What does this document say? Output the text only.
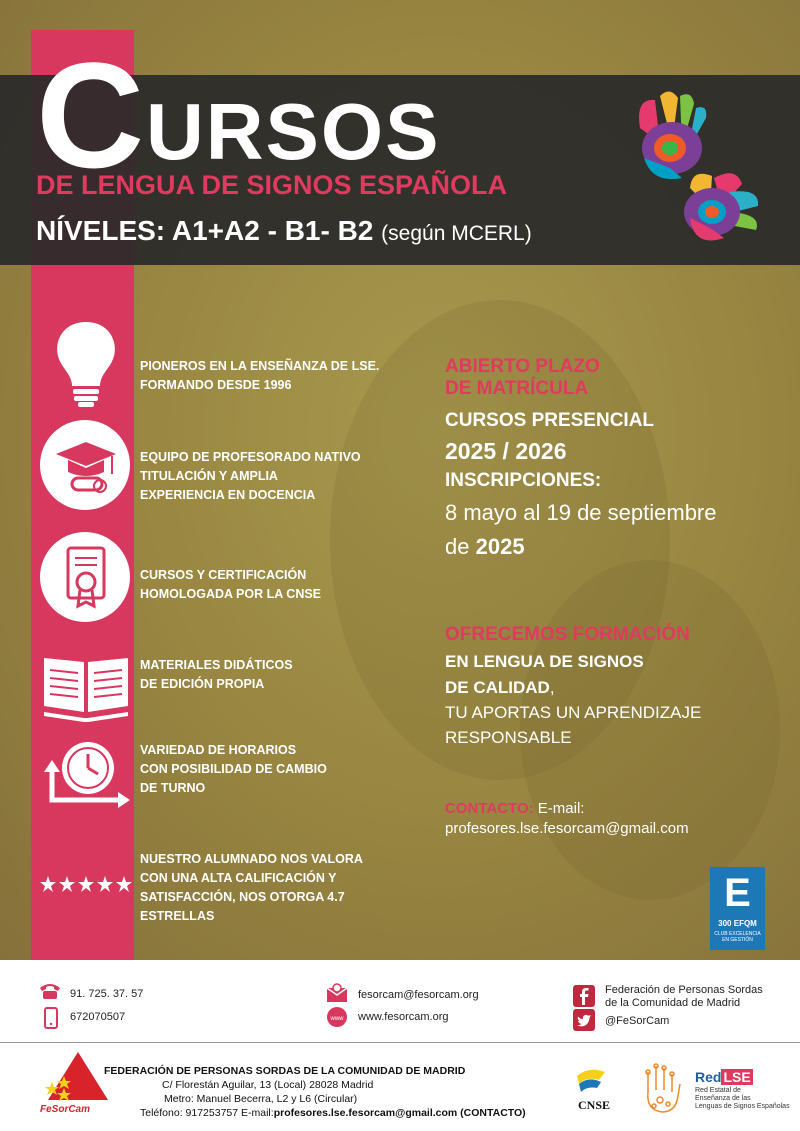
C URSOS
DE LENGUA DE SIGNOS ESPAÑOLA
NÍVELES: A1+A2 - B1- B2 (según MCERL)
PIONEROS EN LA ENSEÑANZA DE LSE.
FORMANDO DESDE 1996
EQUIPO DE PROFESORADO NATIVO
TITULACIÓN Y AMPLIA
EXPERIENCIA EN DOCENCIA
CURSOS Y CERTIFICACIÓN
HOMOLOGADA POR LA CNSE
MATERIALES DIDÁTICOS
DE EDICIÓN PROPIA
VARIEDAD DE HORARIOS
CON POSIBILIDAD DE CAMBIO
DE TURNO
NUESTRO ALUMNADO NOS VALORA
CON UNA ALTA CALIFICACIÓN Y
SATISFACCIÓN, NOS OTORGA 4.7
ESTRELLAS
ABIERTO PLAZO
DE MATRÍCULA
CURSOS PRESENCIAL
2025 / 2026
INSCRIPCIONES:
8 mayo al 19 de septiembre
de 2025
OFRECEMOS FORMACIÓN
EN LENGUA DE SIGNOS
DE CALIDAD,
TU APORTAS UN APRENDIZAJE
RESPONSABLE
CONTACTO: E-mail:
profesores.lse.fesorcam@gmail.com
E
300 EFQM
CLUB EXCELENCIA EN GESTIÓN
91. 725. 37. 57
672070507
fesorcam@fesorcam.org
www www.fesorcam.org
Federación de Personas Sordas
de la Comunidad de Madrid
@FeSorCam
FeSorCam
FEDERACIÓN DE PERSONAS SORDAS DE LA COMUNIDAD DE MADRID
C/ Florestán Aguilar, 13 (Local) 28028 Madrid
Metro: Manuel Becerra, L2 y L6 (Circular)
Teléfono: 917253757 E-mail:profesores.lse.fesorcam@gmail.com (CONTACTO)
CNSE
Red LSE
Red Estatal de
Enseñanza de las
Lenguas de Signos Españolas
